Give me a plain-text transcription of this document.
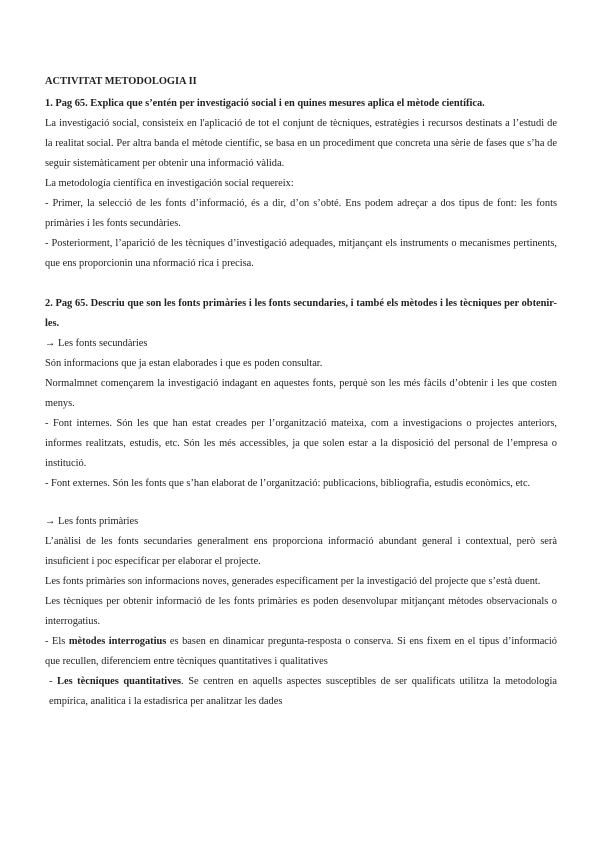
ACTIVITAT METODOLOGIA II

1. Pag 65. Explica que s’entén per investigació social i en quines mesures aplica el mètode científica.

La investigació social, consisteix en l'aplicació de tot el conjunt de tècniques, estratègies i recursos destinats a l’estudi de la realitat social. Per altra banda el mètode científic, se basa en un procediment que concreta una sèrie de fases que s’ha de seguir sistemàticament per obtenir una informació vàlida.

La metodología científica en investigación social requereix:

- Primer, la selecció de les fonts d’informació, és a dir, d’on s’obté. Ens podem adreçar a dos tipus de font: les fonts primàries i les fonts secundàries.

- Posteriorment, l’aparició de les tècniques d’investigació adequades, mitjançant els instruments o mecanismes pertinents, que ens proporcionin una nformació rica i precisa.

2. Pag 65. Descriu que son les fonts primàries i les fonts secundaries, i també els mètodes i les tècniques per obtenir-les.

→ Les fonts secundàries

Són informacions que ja estan elaborades i que es poden consultar.

Normalmnet començarem la investigació indagant en aquestes fonts, perquè son les més fàcils d’obtenir i les que costen menys.

- Font internes. Són les que han estat creades per l’organització mateixa, com a investigacions o projectes anteriors, informes realitzats, estudis, etc. Són les més accessibles, ja que solen estar a la disposició del personal de l’empresa o institució.

- Font externes. Són les fonts que s’han elaborat de l’organització: publicacions, bibliografia, estudis econòmics, etc.

→ Les fonts primàries

L’anàlisi de les fonts secundaries generalment ens proporciona informació abundant general i contextual, però serà insuficient i poc especificar per elaborar el projecte.

Les fonts primàries son informacions noves, generades específicament per la investigació del projecte que s’està duent.

Les tècniques per obtenir informació de les fonts primàries es poden desenvolupar mitjançant mètodes observacionals o interrogatius.

- Els mètodes interrogatius es basen en dinamicar pregunta-resposta o conserva. Si ens fixem en el tipus d’informació que recullen, diferenciem entre tècniques quantitatives i qualitatives

- Les tècniques quantitatives. Se centren en aquells aspectes susceptibles de ser qualificats utilitza la metodologia empírica, analitica i la estadisrica per analitzar les dades
